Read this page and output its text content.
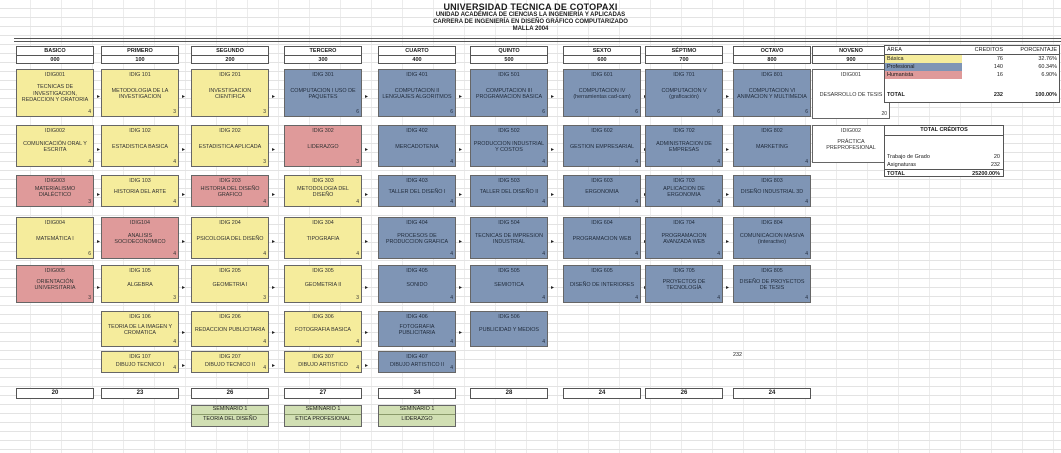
UNIVERSIDAD TECNICA DE COTOPAXI
UNIDAD ACADÉMICA DE CIENCIAS LA INGENIERÍA Y APLICADAS
CARRERA DE INGENIERÍA EN DISEÑO GRÁFICO COMPUTARIZADO
MALLA 2004
BASICO
000
PRIMERO
100
SEGUNDO
200
TERCERO
300
CUARTO
400
QUINTO
500
SEXTO
600
SÉPTIMO
700
OCTAVO
800
NOVENO
900
IDIG001
TECNICAS DE INVESTIGACION, REDACCION Y ORATORIA
4
▸
IDIG 101
METODOLOGIA DE LA INVESTIGACION
3
▸
IDIG 201
INVESTIGACION CIENTIFICA
3
▸
IDIG 301
COMPUTACION I USO DE PAQUETES
6
▸
IDIG 401
COMPUTACION II LENGUAJES ALGORITMOS
6
▸
IDIG 501
COMPUTACION III PROGRAMACION BASICA
6
▸
IDIG 601
COMPUTACION IV (herramientas cad-cam)
6
IDIG 701
COMPUTACION V (graficación)
6
▸
IDIG 801
COMPUTACION VI ANIMACION Y MULTIMEDIA
6
IDIG001
DESARROLLO DE TESIS
20
IDIG002
COMUNICACIÓN ORAL Y ESCRITA
4
▸
IDIG 102
ESTADISTICA BASICA
4
▸
IDIG 202
ESTADISTICA APLICADA
3
▸
IDIG 302
LIDERAZGO
3
▸
IDIG 402
MERCADOTENIA
4
▸
IDIG 502
PRODUCCION INDUSTRIAL Y COSTOS
4
▸
IDIG 602
GESTION EMPRESARIAL
4
IDIG 702
ADMINISTRACION DE EMPRESAS
4
▸
IDIG 802
MARKETING
4
IDIG002
PRÁCTICA PREPROFESIONAL
IDIG003
MATERIALISMO DIALÉCTICO
3
▸
IDIG 103
HISTORIA DEL ARTE
4
▸
IDIG 203
HISTORIA DEL DISEÑO GRAFICO
4
▸
IDIG 303
METODOLOGIA DEL DISEÑO
4
▸
IDIG 403
TALLER DEL DISEÑO I
4
▸
IDIG 503
TALLER DEL DISEÑO II
4
▸
IDIG 603
ERGONOMIA
4
IDIG 703
APLICACION DE ERGONOMIA
4
▸
IDIG 803
DISEÑO INDUSTRIAL 3D
4
IDIG004
MATEMÁTICA I
6
▸
IDIG104
ANALISIS SOCIOECONOMICO
4
▸
IDIG 204
PSICOLOGIA DEL DISEÑO
4
▸
IDIG 304
TIPOGRAFIA
4
▸
IDIG 404
PROCESOS DE PRODUCCION GRAFICA
4
▸
IDIG 504
TECNICAS DE IMPRESION INDUSTRIAL
4
▸
IDIG 604
PROGRAMACION WEB
4
IDIG 704
PROGRAMACION AVANZADA WEB
4
▸
IDIG 804
COMUNICACION MASIVA (interactivo)
4
IDIG005
ORIENTACIÓN UNIVERSITARIA
3
▸
IDIG 105
ALGEBRA
3
▸
IDIG 205
GEOMETRIA I
3
▸
IDIG 305
GEOMETRIA II
3
▸
IDIG 405
SONIDO
4
▸
IDIG 505
SEMIOTICA
4
▸
IDIG 605
DISEÑO DE INTERIORES
4
IDIG 705
PROYECTOS DE TECNOLOGÍA
4
▸
IDIG 805
DISEÑO DE PROYECTOS DE TESIS
4
IDIG 106
TEORIA DE LA IMAGEN Y CROMATICA
4
▸
IDIG 206
REDACCION PUBLICITARIA
4
▸
IDIG 306
FOTOGRAFIA BASICA
4
▸
IDIG 406
FOTOGRAFIA PUBLICITARIA
4
▸
IDIG 506
PUBLICIDAD Y MEDIOS
4
IDIG 107
DIBUJO TECNICO I	4 ▸
IDIG 207
DIBUJO TECNICO II	4 ▸
IDIG 307
DIBUJO ARTISTICO	4 ▸
IDIG 407
DIBUJO ARTISTICO II	4
20	23	26	27	34	28	24	26	24
SEMINARIO 1
TEORIA DEL DISEÑO
SEMINARIO 1
ETICA PROFESIONAL
SEMINARIO 1
LIDERAZGO
232
ÁREA	CREDITOS	PORCENTAJE
Básica	76	32.76%
Profesional	140	60.34%
Humanista	16	6.90%
TOTAL	232	100.00%
TOTAL CRÉDITOS
Trabajo de Grado	20
Asignaturas	232
TOTAL	25200.00%
